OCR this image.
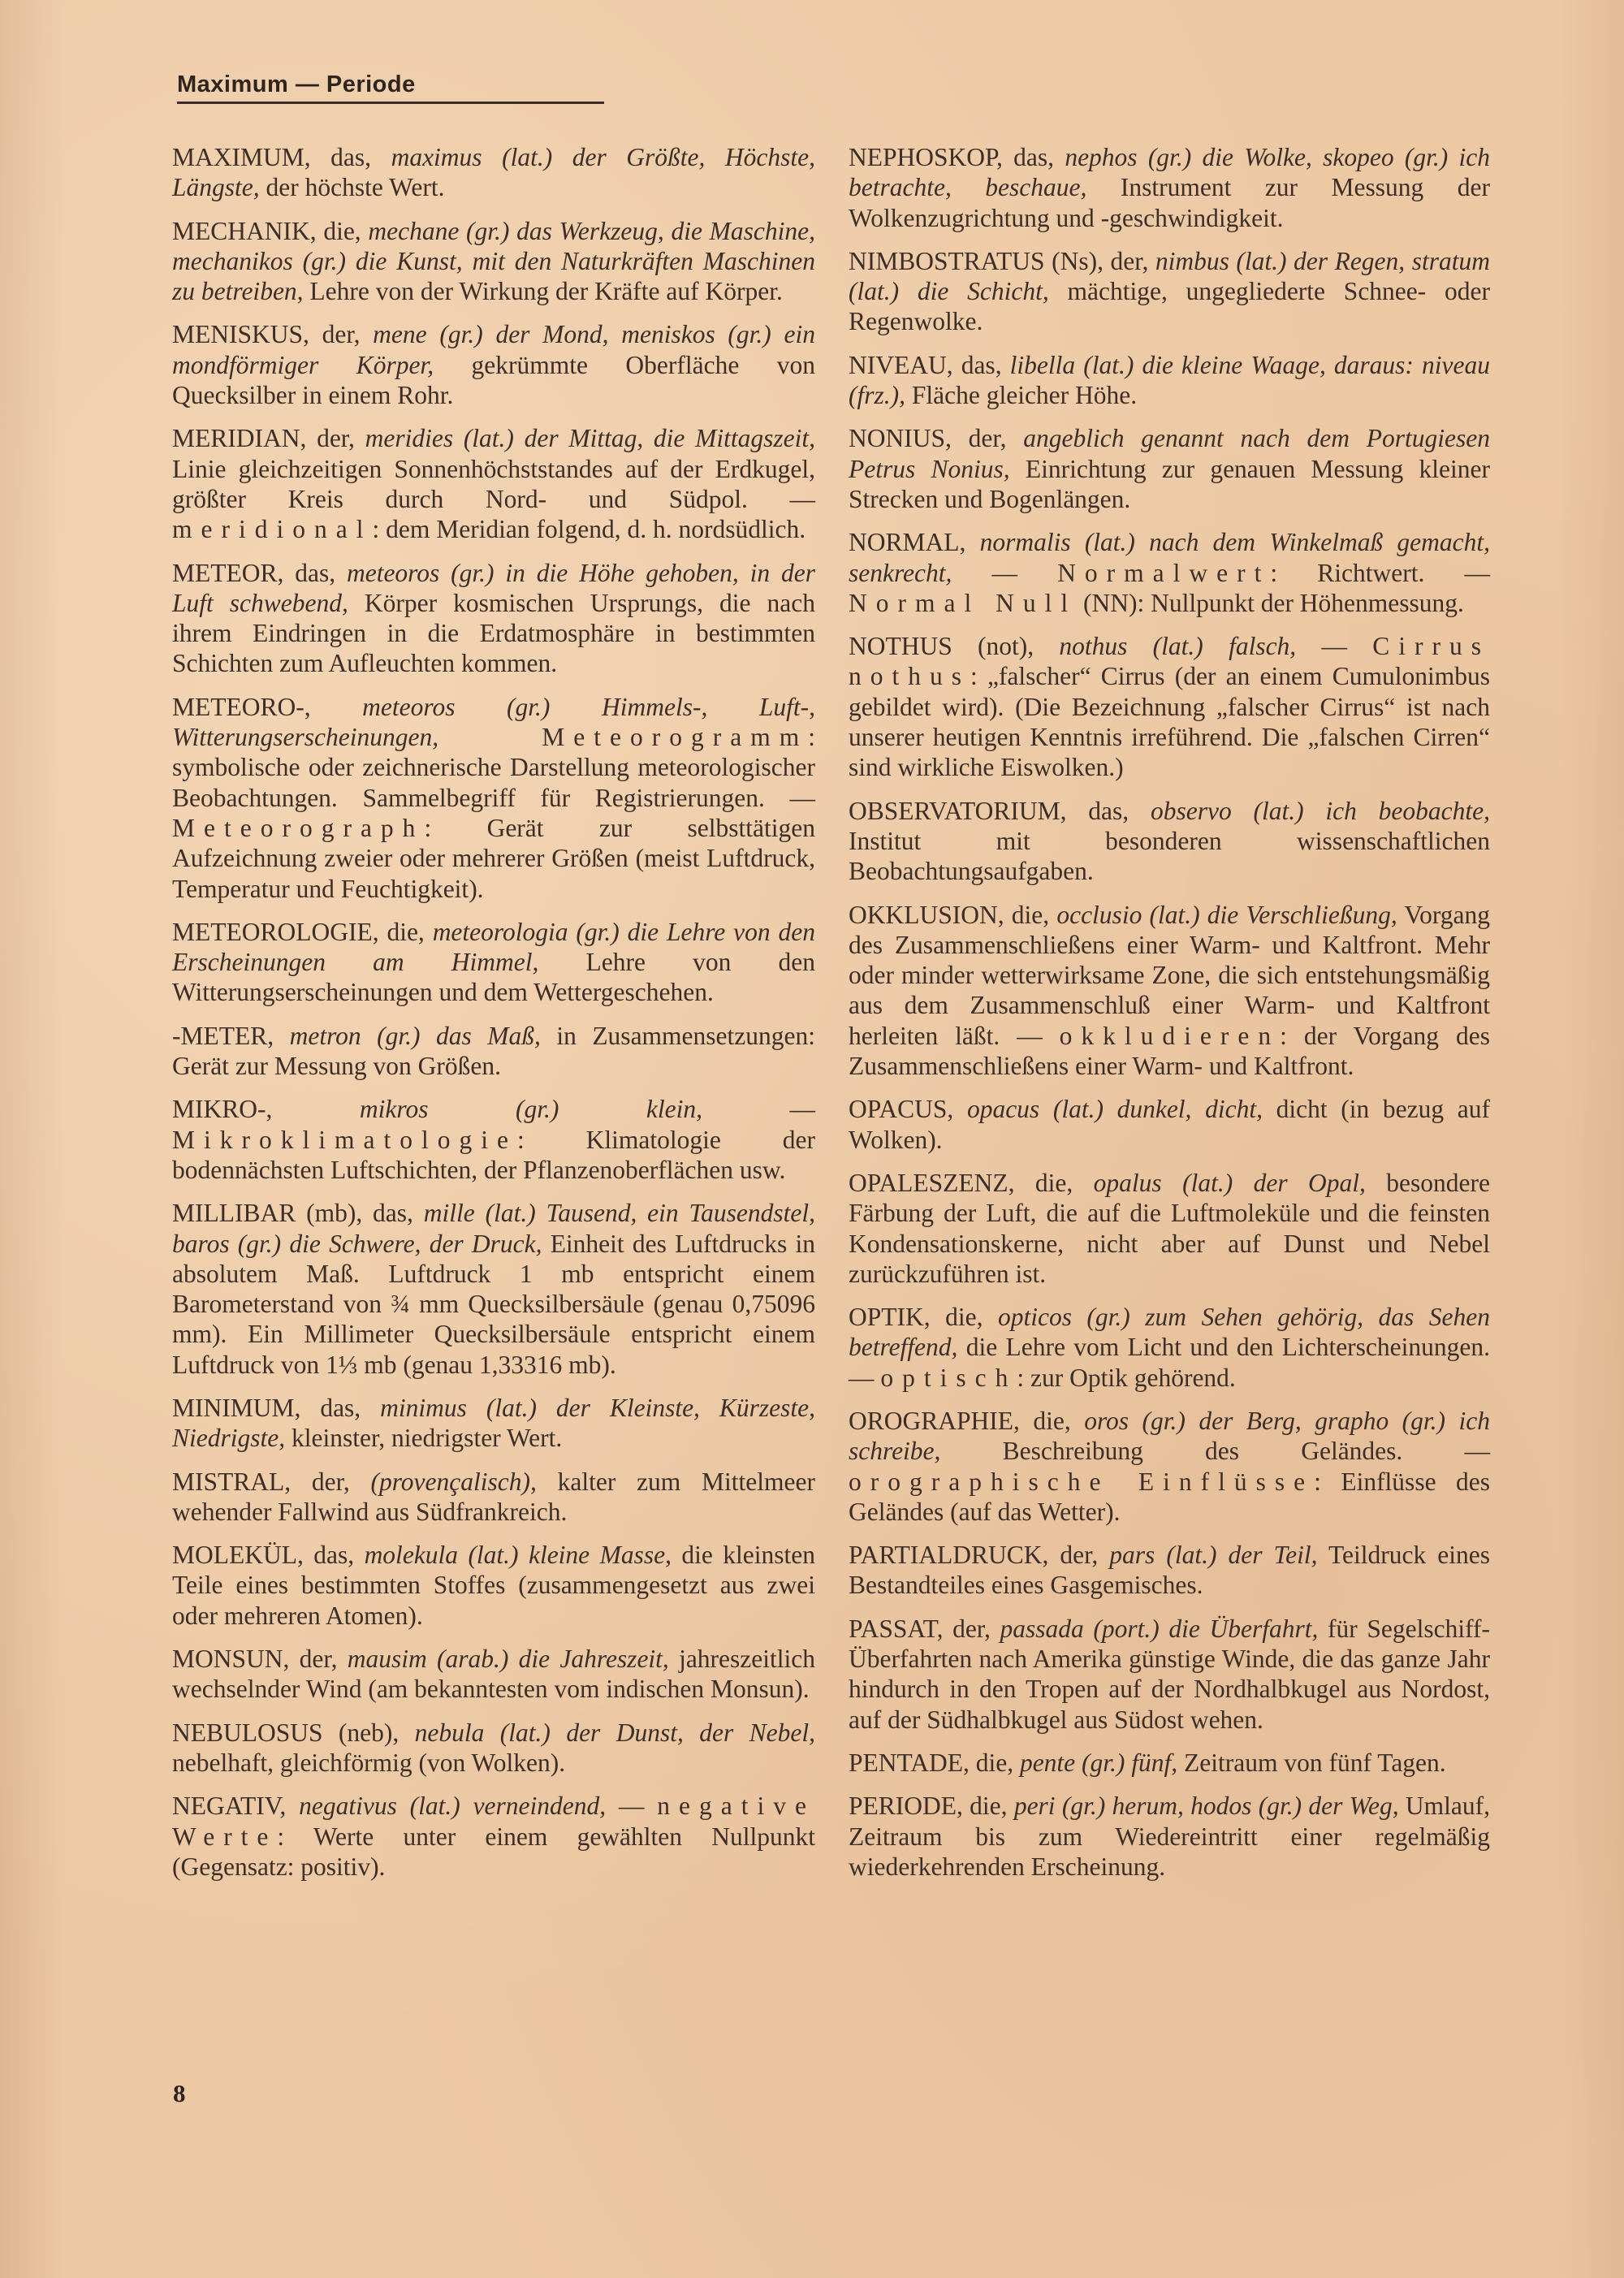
Maximum — Periode

MAXIMUM, das, maximus (lat.) der Größte, Höchste, Längste, der höchste Wert.

MECHANIK, die, mechane (gr.) das Werkzeug, die Maschine, mechanikos (gr.) die Kunst, mit den Naturkräften Maschinen zu betreiben, Lehre von der Wirkung der Kräfte auf Körper.

MENISKUS, der, mene (gr.) der Mond, meniskos (gr.) ein mondförmiger Körper, gekrümmte Oberfläche von Quecksilber in einem Rohr.

MERIDIAN, der, meridies (lat.) der Mittag, die Mittagszeit, Linie gleichzeitigen Sonnenhöchststandes auf der Erdkugel, größter Kreis durch Nord- und Südpol. — meridional: dem Meridian folgend, d. h. nordsüdlich.

METEOR, das, meteoros (gr.) in die Höhe gehoben, in der Luft schwebend, Körper kosmischen Ursprungs, die nach ihrem Eindringen in die Erdatmosphäre in bestimmten Schichten zum Aufleuchten kommen.

METEORO-, meteoros (gr.) Himmels-, Luft-, Witterungserscheinungen,	Meteorogramm: symbolische oder zeichnerische Darstellung meteorologischer Beobachtungen. Sammelbegriff für Registrierungen. — Meteorograph: Gerät zur selbsttätigen Aufzeichnung zweier oder mehrerer Größen (meist Luftdruck, Temperatur und Feuchtigkeit).

METEOROLOGIE, die, meteorologia (gr.) die Lehre von den Erscheinungen am Himmel, Lehre von den Witterungserscheinungen und dem Wettergeschehen.

-METER, metron (gr.) das Maß, in Zusammensetzungen: Gerät zur Messung von Größen.

MIKRO-, mikros (gr.) klein, — Mikroklimatologie: Klimatologie der bodennächsten Luftschichten, der Pflanzenoberflächen usw.

MILLIBAR (mb), das, mille (lat.) Tausend, ein Tausendstel, baros (gr.) die Schwere, der Druck, Einheit des Luftdrucks in absolutem Maß. Luftdruck 1 mb entspricht einem Barometerstand von ¾ mm Quecksilbersäule (genau 0,75096 mm). Ein Millimeter Quecksilbersäule entspricht einem Luftdruck von 1⅓ mb (genau 1,33316 mb).

MINIMUM, das, minimus (lat.) der Kleinste, Kürzeste, Niedrigste, kleinster, niedrigster Wert.

MISTRAL, der, (provençalisch), kalter zum Mittelmeer wehender Fallwind aus Südfrankreich.

MOLEKÜL, das, molekula (lat.) kleine Masse, die kleinsten Teile eines bestimmten Stoffes (zusammengesetzt aus zwei oder mehreren Atomen).

MONSUN, der, mausim (arab.) die Jahreszeit, jahreszeitlich wechselnder Wind (am bekanntesten vom indischen Monsun).

NEBULOSUS (neb), nebula (lat.) der Dunst, der Nebel, nebelhaft, gleichförmig (von Wolken).

NEGATIV, negativus (lat.) verneindend, — negative Werte: Werte unter einem gewählten Nullpunkt (Gegensatz: positiv).

NEPHOSKOP, das, nephos (gr.) die Wolke, skopeo (gr.) ich betrachte, beschaue, Instrument zur Messung der Wolkenzugrichtung und -geschwindigkeit.

NIMBOSTRATUS (Ns), der, nimbus (lat.) der Regen, stratum (lat.) die Schicht, mächtige, ungegliederte Schnee- oder Regenwolke.

NIVEAU, das, libella (lat.) die kleine Waage, daraus: niveau (frz.), Fläche gleicher Höhe.

NONIUS, der, angeblich genannt nach dem Portugiesen Petrus Nonius, Einrichtung zur genauen Messung kleiner Strecken und Bogenlängen.

NORMAL, normalis (lat.) nach dem Winkelmaß gemacht, senkrecht, — Normalwert: Richtwert. — Normal Null (NN): Nullpunkt der Höhenmessung.

NOTHUS (not), nothus (lat.) falsch, — Cirrus nothus: „falscher“ Cirrus (der an einem Cumulonimbus gebildet wird). (Die Bezeichnung „falscher Cirrus“ ist nach unserer heutigen Kenntnis irreführend. Die „falschen Cirren“ sind wirkliche Eiswolken.)

OBSERVATORIUM, das, observo (lat.) ich beobachte, Institut mit besonderen wissenschaftlichen Beobachtungsaufgaben.

OKKLUSION, die, occlusio (lat.) die Verschließung, Vorgang des Zusammenschließens einer Warm- und Kaltfront. Mehr oder minder wetterwirksame Zone, die sich entstehungsmäßig aus dem Zusammenschluß einer Warm- und Kaltfront herleiten läßt. — okkludieren: der Vorgang des Zusammenschließens einer Warm- und Kaltfront.

OPACUS, opacus (lat.) dunkel, dicht, dicht (in bezug auf Wolken).

OPALESZENZ, die, opalus (lat.) der Opal, besondere Färbung der Luft, die auf die Luftmoleküle und die feinsten Kondensationskerne, nicht aber auf Dunst und Nebel zurückzuführen ist.

OPTIK, die, opticos (gr.) zum Sehen gehörig, das Sehen betreffend, die Lehre vom Licht und den Lichterscheinungen. — optisch: zur Optik gehörend.

OROGRAPHIE, die, oros (gr.) der Berg, grapho (gr.) ich schreibe, Beschreibung des Geländes. — orographische Einflüsse: Einflüsse des Geländes (auf das Wetter).

PARTIALDRUCK, der, pars (lat.) der Teil, Teildruck eines Bestandteiles eines Gasgemisches.

PASSAT, der, passada (port.) die Überfahrt, für Segelschiff-Überfahrten nach Amerika günstige Winde, die das ganze Jahr hindurch in den Tropen auf der Nordhalbkugel aus Nordost, auf der Südhalbkugel aus Südost wehen.

PENTADE, die, pente (gr.) fünf, Zeitraum von fünf Tagen.

PERIODE, die, peri (gr.) herum, hodos (gr.) der Weg, Umlauf, Zeitraum bis zum Wiedereintritt einer regelmäßig wiederkehrenden Erscheinung.

8
